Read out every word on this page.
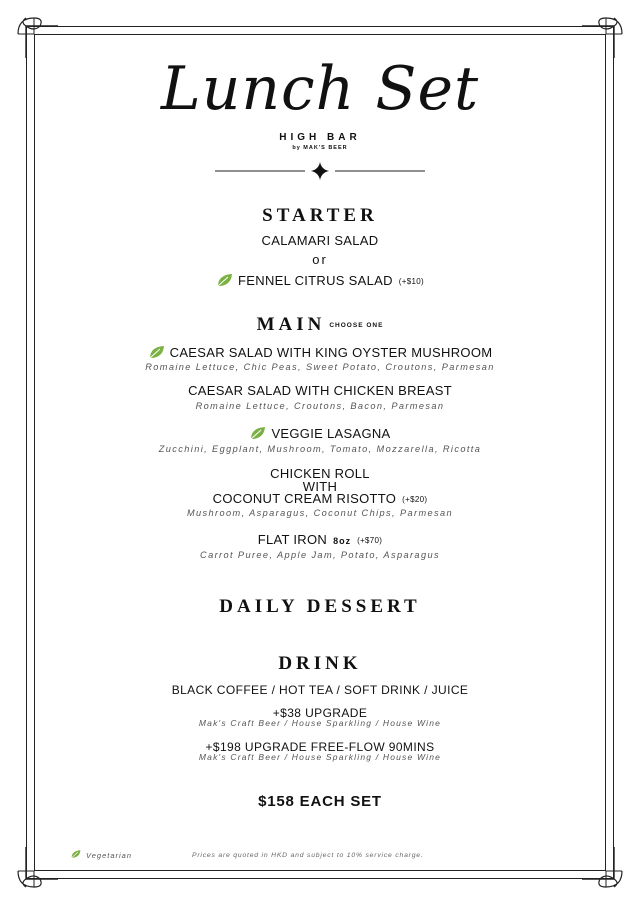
Lunch Set
HIGH BAR
by MAK'S BEER
STARTER
CALAMARI SALAD
or
FENNEL CITRUS SALAD (+$10)
MAIN CHOOSE ONE
CAESAR SALAD WITH KING OYSTER MUSHROOM
Romaine Lettuce, Chic Peas, Sweet Potato, Croutons, Parmesan
CAESAR SALAD WITH CHICKEN BREAST
Romaine Lettuce, Croutons, Bacon, Parmesan
VEGGIE LASAGNA
Zucchini, Eggplant, Mushroom, Tomato, Mozzarella, Ricotta
CHICKEN ROLL
WITH
COCONUT CREAM RISOTTO (+$20)
Mushroom, Asparagus, Coconut Chips, Parmesan
FLAT IRON 8oz (+$70)
Carrot Puree, Apple Jam, Potato, Asparagus
DAILY DESSERT
DRINK
BLACK COFFEE / HOT TEA / SOFT DRINK / JUICE
+$38 UPGRADE
Mak's Craft Beer / House Sparkling / House Wine
+$198 UPGRADE FREE-FLOW 90MINS
Mak's Craft Beer / House Sparkling / House Wine
$158 EACH SET
Vegetarian	Prices are quoted in HKD and subject to 10% service charge.
